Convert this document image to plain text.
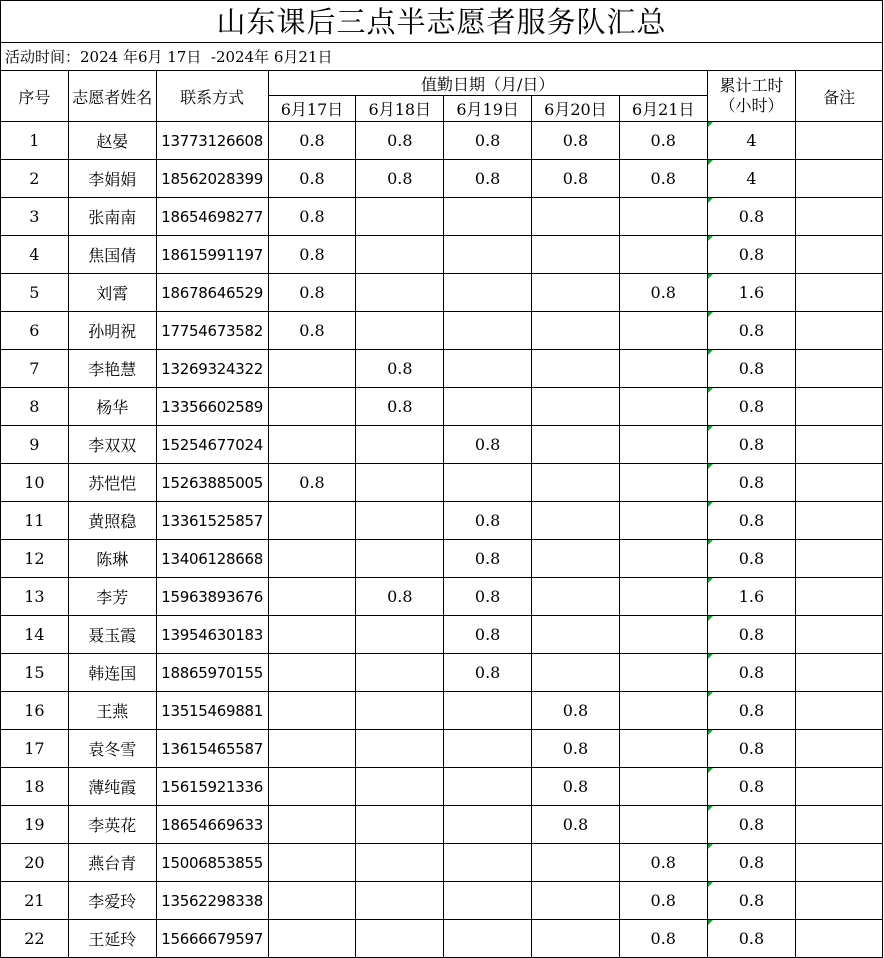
山东课后三点半志愿者服务队汇总
活动时间：2024 年6月 17日  -2024年 6月21日
序号	志愿者姓名	联系方式	值勤日期（月/日）					累计工时（小时）	备注
			6月17日	6月18日	6月19日	6月20日	6月21日		
1	赵晏	13773126608	0.8	0.8	0.8	0.8	0.8	4	
2	李娟娟	18562028399	0.8	0.8	0.8	0.8	0.8	4	
3	张南南	18654698277	0.8					0.8	
4	焦国倩	18615991197	0.8					0.8	
5	刘霄	18678646529	0.8				0.8	1.6	
6	孙明祝	17754673582	0.8					0.8	
7	李艳慧	13269324322		0.8				0.8	
8	杨华	13356602589		0.8				0.8	
9	李双双	15254677024			0.8			0.8	
10	苏恺恺	15263885005	0.8					0.8	
11	黄照稳	13361525857			0.8			0.8	
12	陈琳	13406128668			0.8			0.8	
13	李芳	15963893676		0.8	0.8			1.6	
14	聂玉霞	13954630183			0.8			0.8	
15	韩连国	18865970155			0.8			0.8	
16	王燕	13515469881				0.8		0.8	
17	袁冬雪	13615465587				0.8		0.8	
18	薄纯霞	15615921336				0.8		0.8	
19	李英花	18654669633				0.8		0.8	
20	燕台青	15006853855					0.8	0.8	
21	李爱玲	13562298338					0.8	0.8	
22	王延玲	15666679597					0.8	0.8	
